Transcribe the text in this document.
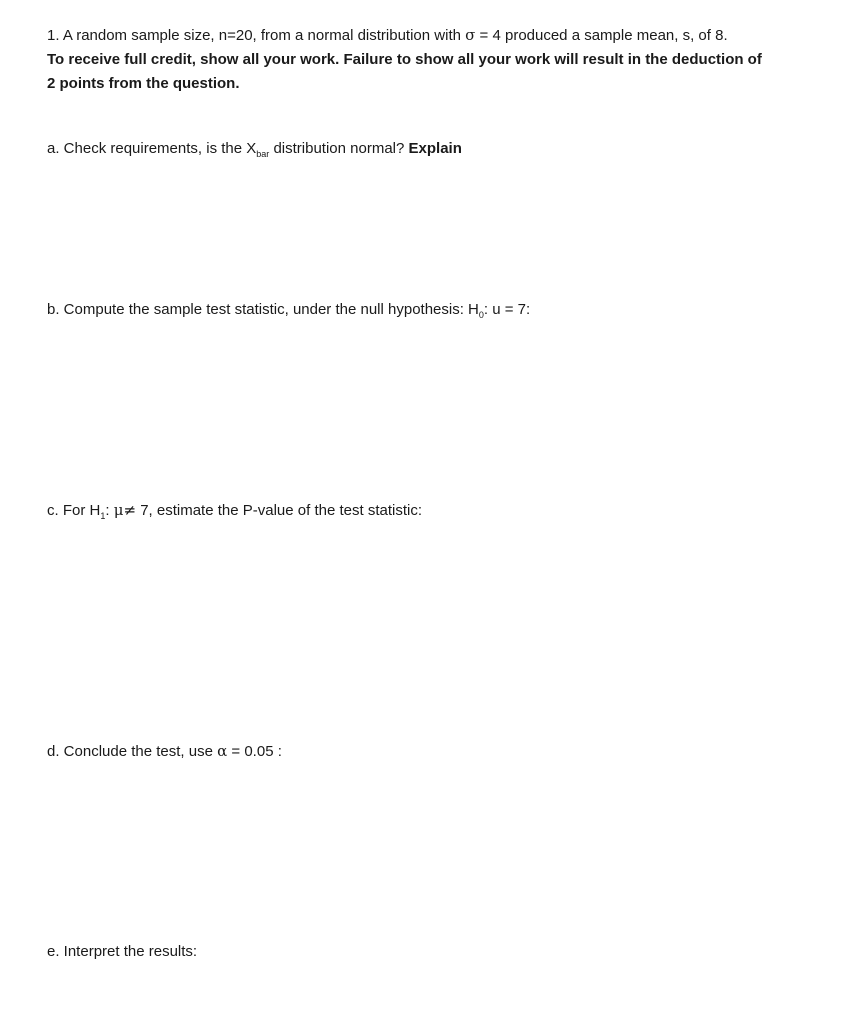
1. A random sample size, n=20, from a normal distribution with σ = 4 produced a sample mean, s, of 8.
To receive full credit, show all your work. Failure to show all your work will result in the deduction of
2 points from the question.
a. Check requirements, is the $X_{bar}$ distribution normal? Explain
b. Compute the sample test statistic, under the null hypothesis: $H_0$: u = 7:
c. For $H_1$: μ≠ 7, estimate the P-value of the test statistic:
d. Conclude the test, use α = 0.05 :
e. Interpret the results:
